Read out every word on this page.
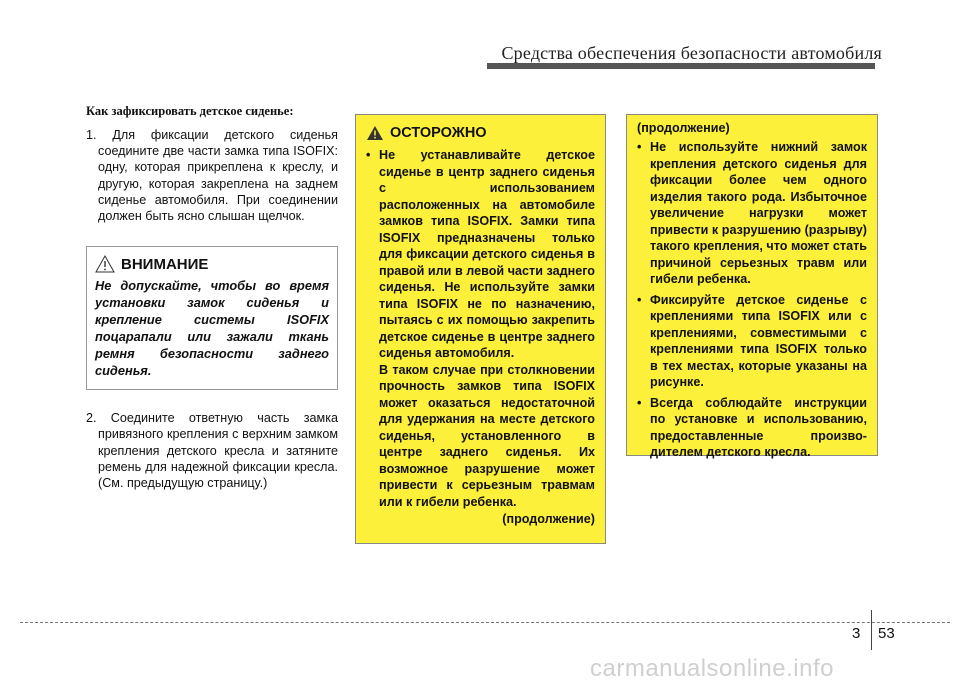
Средства обеспечения безопасности автомобиля
Как зафиксировать детское сиденье:

1. Для фиксации детского сиденья соедините две части замка типа ISOFIX: одну, которая прикреплена к креслу, и другую, которая закреплена на заднем сиденье автомобиля. При соединении должен быть ясно слышан щелчок.

ВНИМАНИЕ

Не допускайте, чтобы во время установки замок сиденья и крепление системы ISOFIX поцарапали или зажали ткань ремня безопасности заднего сиденья.

2. Соедините ответную часть замка привязного крепления с верхним замком крепления детского кресла и затяните ремень для надежной фиксации кресла. (См. предыдущую страницу.)

ОСТОРОЖНО

• Не устанавливайте детское сиденье в центр заднего сиденья с использованием расположенных на автомобиле замков типа ISOFIX. Замки типа ISOFIX предназначены только для фиксации детского сиденья в правой или в левой части заднего сиденья. Не используйте замки типа ISOFIX не по назначению, пытаясь с их помощью закрепить детское сиденье в центре заднего сиденья автомобиля.

В таком случае при столкновении прочность замков типа ISOFIX может оказаться недостаточной для удержания на месте детского сиденья, установленного в центре заднего сиденья. Их возможное разрушение может привести к серьезным травмам или к гибели ребенка.

(продолжение)

(продолжение)

• Не используйте нижний замок крепления детского сиденья для фиксации более чем одного изделия такого рода. Избыточное увеличение нагрузки может привести к разрушению (разрыву) такого крепления, что может стать причиной серьезных травм или гибели ребенка.

• Фиксируйте детское сиденье с креплениями типа ISOFIX или с креплениями, совместимыми с креплениями типа ISOFIX только в тех местах, которые указаны на рисунке.

• Всегда соблюдайте инструкции по установке и использованию, предоставленные произво-дителем детского кресла.

3 53
carmanualsonline.info
